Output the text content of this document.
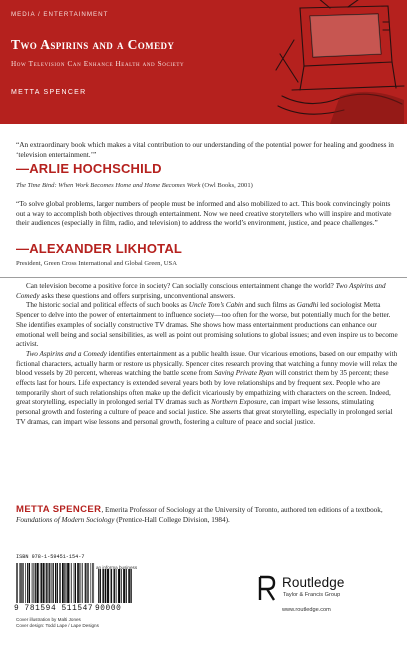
MEDIA / ENTERTAINMENT
Two Aspirins and a Comedy
How Television Can Enhance Health and Society
METTA SPENCER
“An extraordinary book which makes a vital contribution to our understanding of the potential power for healing and goodness in ‘television entertainment.’”
—ARLIE HOCHSCHILD
The Time Bind: When Work Becomes Home and Home Becomes Work (Owl Books, 2001)
“To solve global problems, larger numbers of people must be informed and also mobilized to act. This book convincingly points out a way to accomplish both objectives through entertainment. Now we need creative storytellers who will inspire and motivate their audiences (especially in film, radio, and television) to address the world’s environment, justice, and peace challenges.”
—ALEXANDER LIKHOTAL
President, Green Cross International and Global Green, USA

Can television become a positive force in society? Can socially conscious entertainment change the world? Two Aspirins and Comedy asks these questions and offers surprising, unconventional answers.

The historic social and political effects of such books as Uncle Tom’s Cabin and such films as Gandhi led sociologist Metta Spencer to delve into the power of entertainment to influence society—too often for the worse, but potentially much for the better. She identifies examples of socially constructive TV dramas. She shows how mass entertainment productions can enhance our emotional well being and social sensibilities, as well as point out promising solutions to global issues; and even inspire us to become activist.

Two Aspirins and a Comedy identifies entertainment as a public health issue. Our vicarious emotions, based on our empathy with fictional characters, actually harm or restore us physically. Spencer cites research proving that watching a funny movie will relax the blood vessels by 20 percent, whereas watching the battle scene from Saving Private Ryan will constrict them by 35 percent; these effects last for hours. Life expectancy is extended several years both by love relationships and by frequent sex. People who are temporarily short of such relationships often make up the deficit vicariously by empathizing with characters on the screen. Indeed, great storytelling, especially in prolonged serial TV dramas such as Northern Exposure, can impart wise lessons, stimulating personal growth and fostering a culture of peace and social justice. She asserts that great storytelling, especially in prolonged serial TV dramas, can impart wise lessons and personal growth, fostering a culture of peace and social justice.

METTA SPENCER, Emerita Professor of Sociology at the University of Toronto, authored ten editions of a textbook, Foundations of Modern Sociology (Prentice-Hall College Division, 1984).
ISBN 978-1-59451-154-7
an informa business
9 781594 511547 90000
Cover illustration by Malti Jones
Cover design: Todd Lape / Lape Designs
Routledge
Taylor & Francis Group
www.routledge.com
